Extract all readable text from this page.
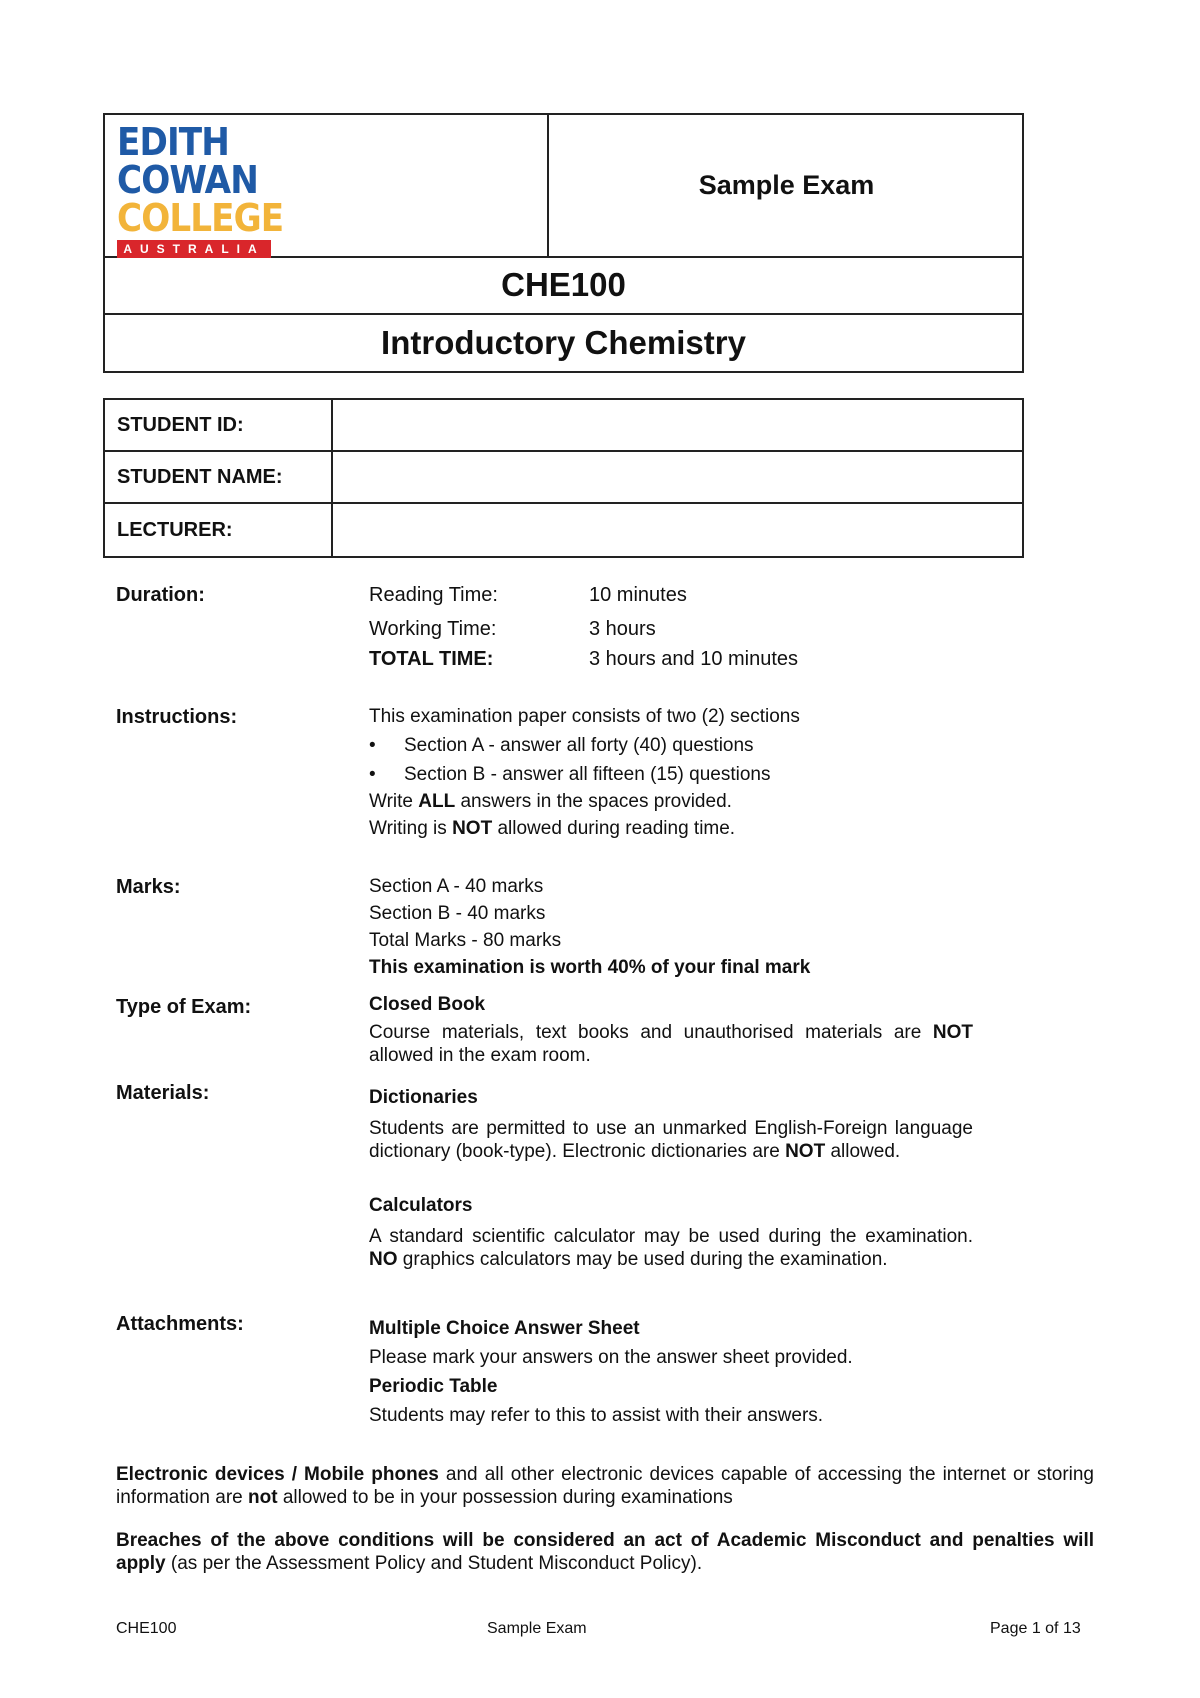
EDITH
COWAN
COLLEGE
AUSTRALIA
Sample Exam
CHE100
Introductory Chemistry
STUDENT ID:
STUDENT NAME:
LECTURER:
Duration:	Reading Time:	10 minutes
Working Time:	3 hours
TOTAL TIME:	3 hours and 10 minutes
Instructions:	This examination paper consists of two (2) sections
• Section A - answer all forty (40) questions
• Section B - answer all fifteen (15) questions
Write ALL answers in the spaces provided.
Writing is NOT allowed during reading time.
Marks:	Section A - 40 marks
Section B - 40 marks
Total Marks - 80 marks
This examination is worth 40% of your final mark
Type of Exam:	Closed Book
Course materials, text books and unauthorised materials are NOT allowed in the exam room.
Materials:	Dictionaries
Students are permitted to use an unmarked English-Foreign language dictionary (book-type). Electronic dictionaries are NOT allowed.
Calculators
A standard scientific calculator may be used during the examination. NO graphics calculators may be used during the examination.
Attachments:	Multiple Choice Answer Sheet
Please mark your answers on the answer sheet provided.
Periodic Table
Students may refer to this to assist with their answers.
Electronic devices / Mobile phones and all other electronic devices capable of accessing the internet or storing information are not allowed to be in your possession during examinations
Breaches of the above conditions will be considered an act of Academic Misconduct and penalties will apply (as per the Assessment Policy and Student Misconduct Policy).
CHE100	Sample Exam	Page 1 of 13
